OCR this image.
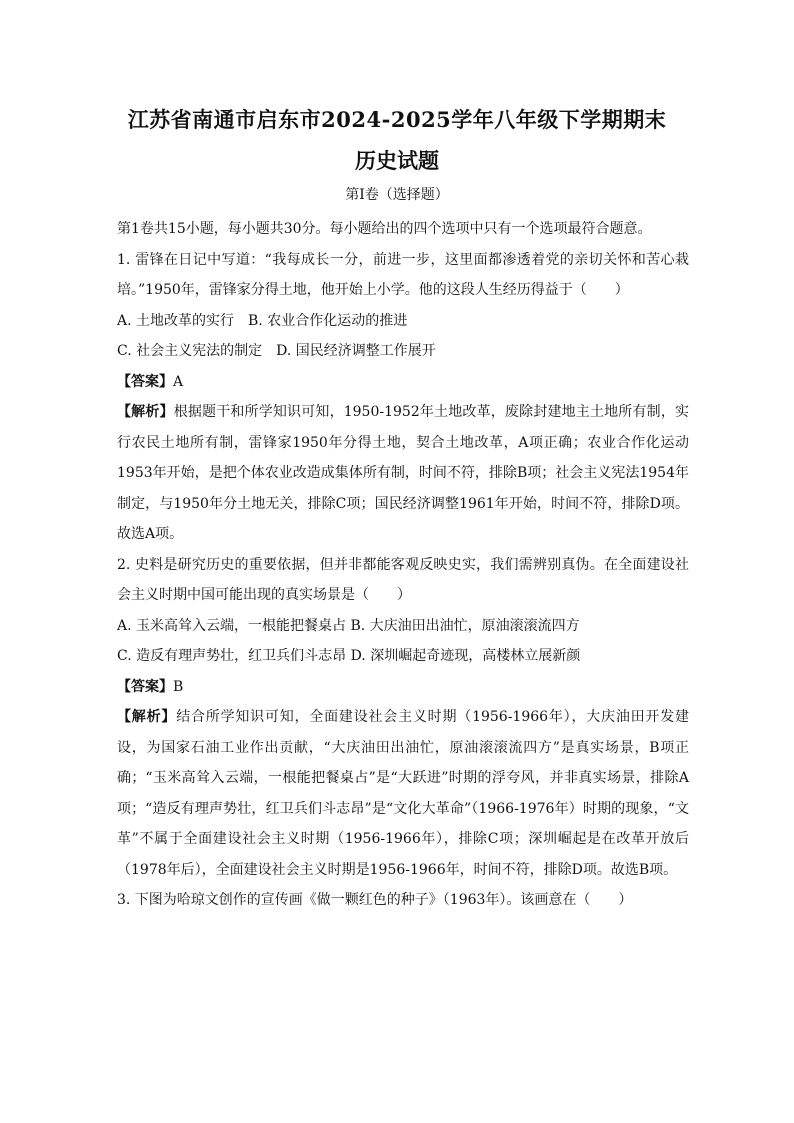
江苏省南通市启东市2024-2025学年八年级下学期期末
历史试题
第Ⅰ卷（选择题）

第1卷共15小题，每小题共30分。每小题给出的四个选项中只有一个选项最符合题意。

1. 雷锋在日记中写道：“我每成长一分，前进一步，这里面都渗透着党的亲切关怀和苦心栽培。”1950年，雷锋家分得土地，他开始上小学。他的这段人生经历得益于（　　）

A. 土地改革的实行 B. 农业合作化运动的推进

C. 社会主义宪法的制定 D. 国民经济调整工作展开

【答案】A

【解析】根据题干和所学知识可知，1950-1952年土地改革，废除封建地主土地所有制，实行农民土地所有制，雷锋家1950年分得土地，契合土地改革，A项正确；农业合作化运动1953年开始，是把个体农业改造成集体所有制，时间不符，排除B项；社会主义宪法1954年制定，与1950年分土地无关，排除C项；国民经济调整1961年开始，时间不符，排除D项。故选A项。

2. 史料是研究历史的重要依据，但并非都能客观反映史实，我们需辨别真伪。在全面建设社会主义时期中国可能出现的真实场景是（　　）

A. 玉米高耸入云端，一根能把餐桌占 B. 大庆油田出油忙，原油滚滚流四方

C. 造反有理声势壮，红卫兵们斗志昂 D. 深圳崛起奇迹现，高楼林立展新颜

【答案】B

【解析】结合所学知识可知，全面建设社会主义时期（1956-1966年），大庆油田开发建设，为国家石油工业作出贡献，“大庆油田出油忙，原油滚滚流四方”是真实场景，B项正确；“玉米高耸入云端，一根能把餐桌占”是“大跃进”时期的浮夸风，并非真实场景，排除A项；“造反有理声势壮，红卫兵们斗志昂”是“文化大革命”（1966-1976年）时期的现象，“文革”不属于全面建设社会主义时期（1956-1966年），排除C项；深圳崛起是在改革开放后（1978年后），全面建设社会主义时期是1956-1966年，时间不符，排除D项。故选B项。

3. 下图为哈琼文创作的宣传画《做一颗红色的种子》（1963年）。该画意在（　　）
